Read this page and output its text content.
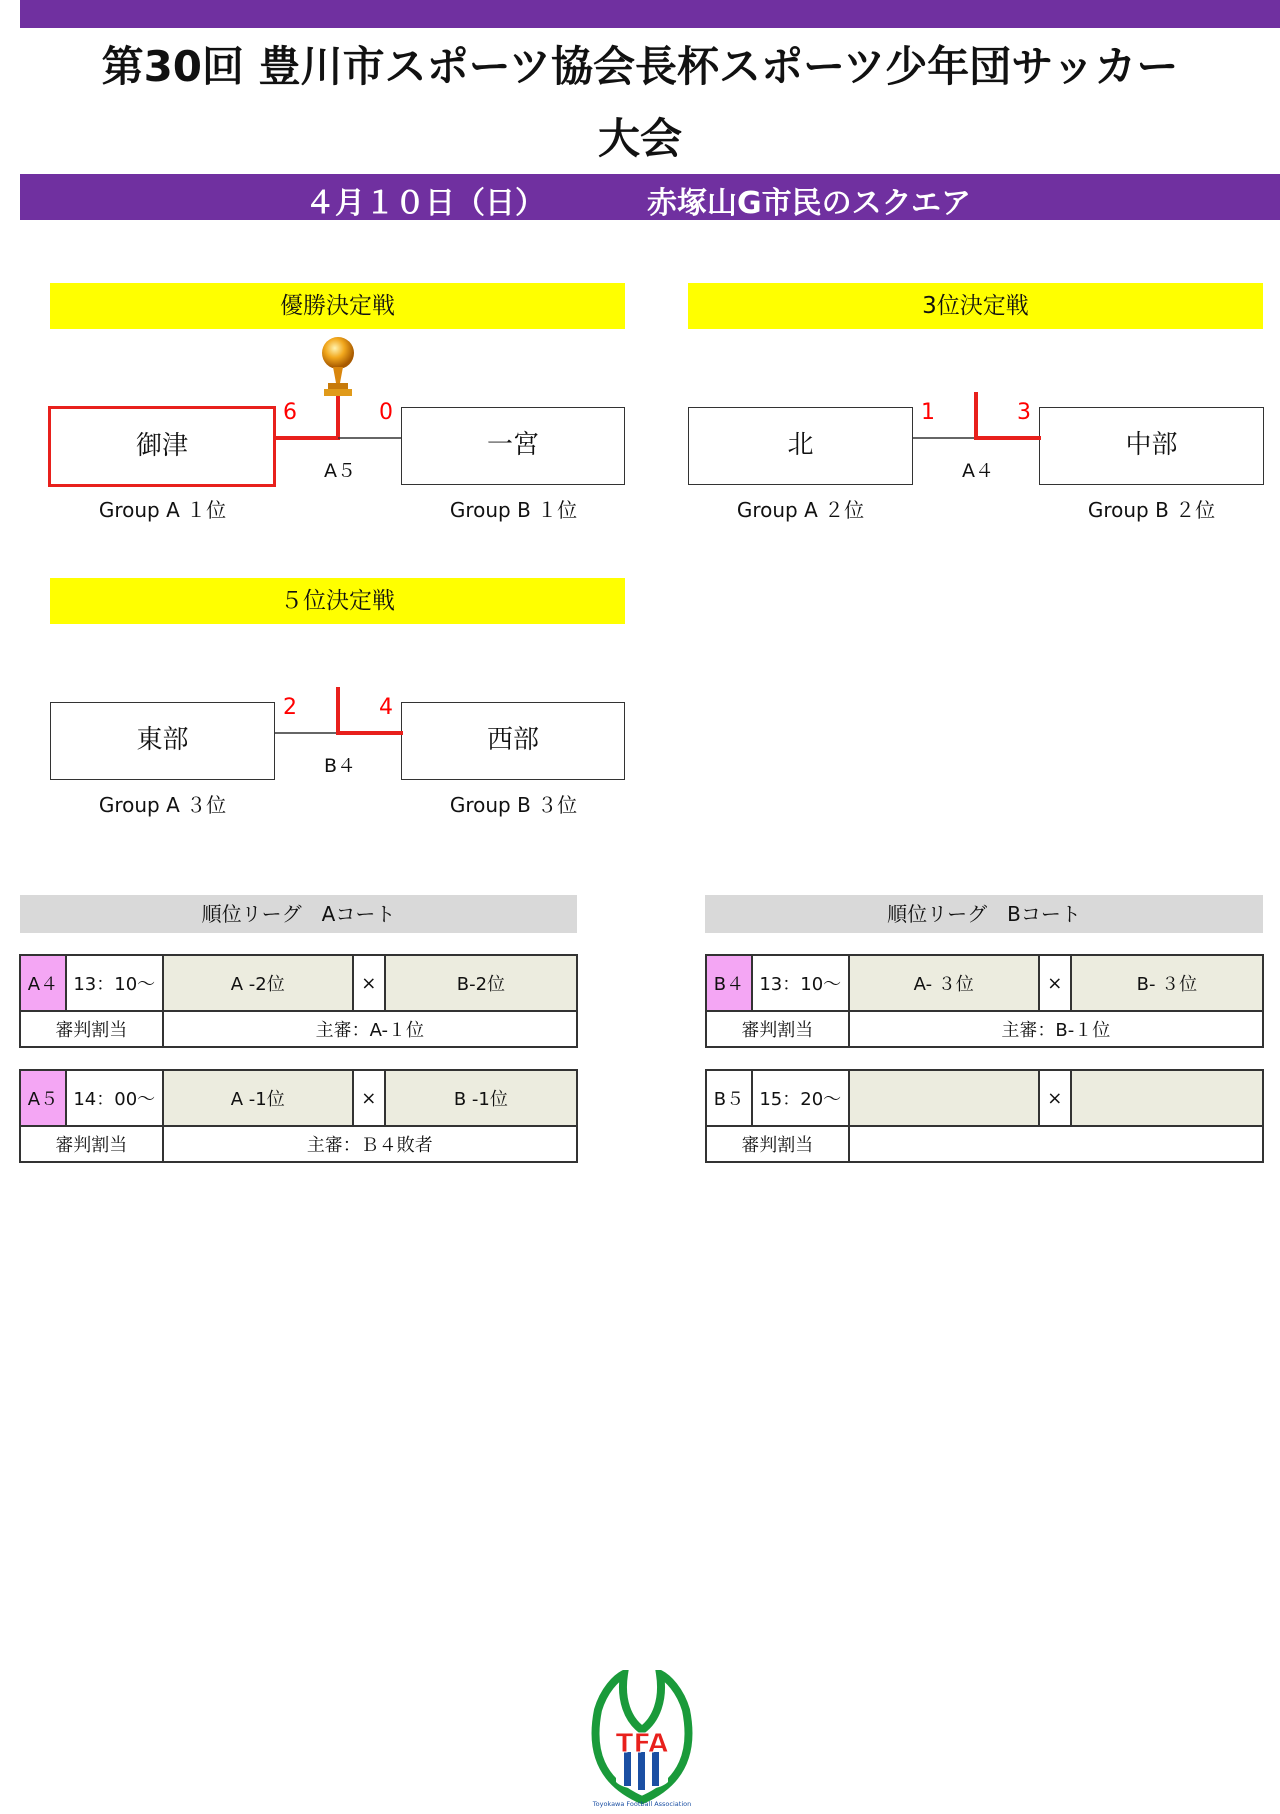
第30回 豊川市スポーツ協会長杯スポーツ少年団サッカー
大会
４月１０日（日）	赤塚山G市民のスクエア
優勝決定戦
御津	一宮
6	0
A５
Group A １位	Group B １位
3位決定戦
北	中部
1	3
A４
Group A ２位	Group B ２位
５位決定戦
東部	西部
2	4
B４
Group A ３位	Group B ３位
順位リーグ　Aコート
A４	13：10〜	A -2位	×	B-2位
審判割当		主審：A-１位		
A５	14：00〜	A -1位	×	B -1位
審判割当		主審：Ｂ４敗者		
順位リーグ　Bコート
B４	13：10〜	A- ３位	×	B- ３位
審判割当		主審：B-１位		
B５	15：20〜		×	
審判割当				
TFA
Toyokawa Football Association
